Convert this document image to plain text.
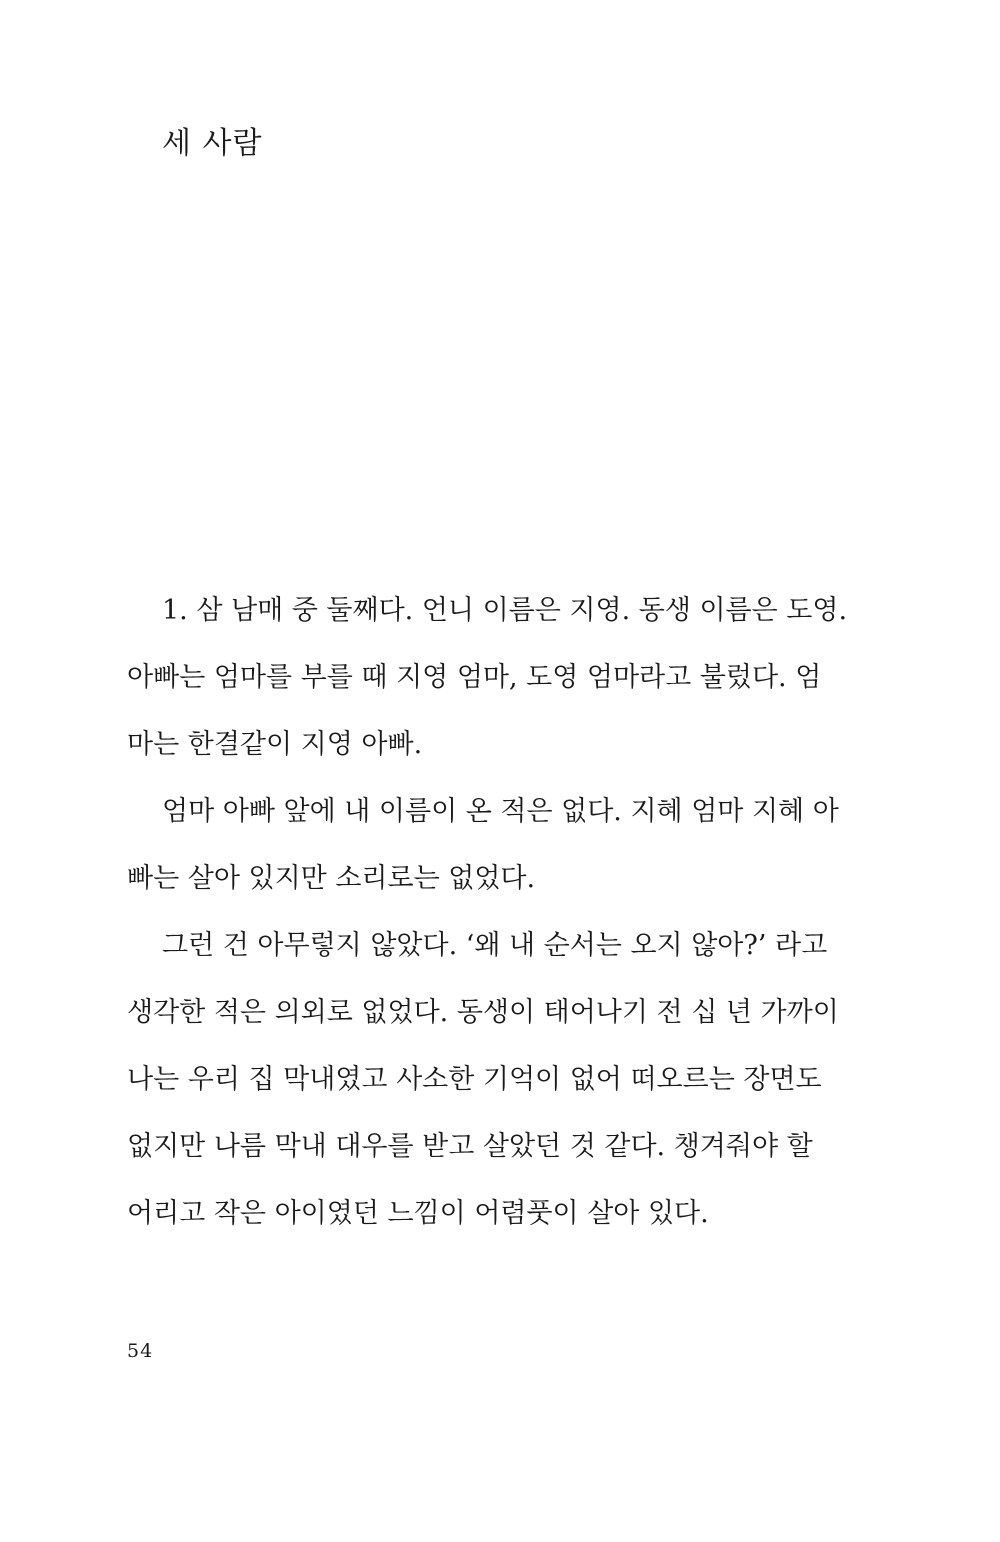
세 사람
1. 삼 남매 중 둘째다. 언니 이름은 지영. 동생 이름은 도영.
아빠는 엄마를 부를 때 지영 엄마, 도영 엄마라고 불렀다. 엄
마는 한결같이 지영 아빠.
엄마 아빠 앞에 내 이름이 온 적은 없다. 지혜 엄마 지혜 아
빠는 살아 있지만 소리로는 없었다.
그런 건 아무렇지 않았다. ‘왜 내 순서는 오지 않아?’ 라고
생각한 적은 의외로 없었다. 동생이 태어나기 전 십 년 가까이
나는 우리 집 막내였고 사소한 기억이 없어 떠오르는 장면도
없지만 나름 막내 대우를 받고 살았던 것 같다. 챙겨줘야 할
어리고 작은 아이였던 느낌이 어렴풋이 살아 있다.
54
